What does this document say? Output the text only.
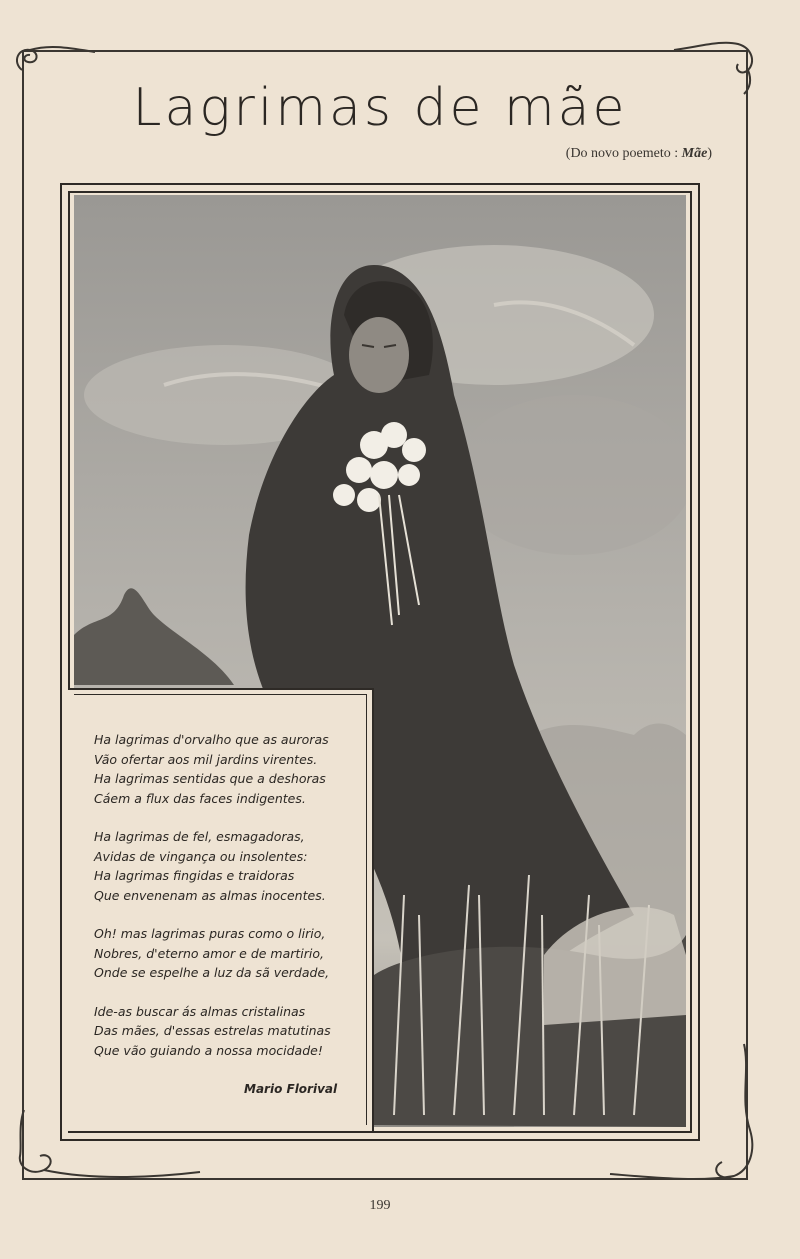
Lagrimas de mãe
(Do novo poemeto : Mãe)
Ha lagrimas d'orvalho que as auroras
Vão ofertar aos mil jardins virentes.
Ha lagrimas sentidas que a deshoras
Cáem a flux das faces indigentes.
Ha lagrimas de fel, esmagadoras,
Avidas de vingança ou insolentes:
Ha lagrimas fingidas e traidoras
Que envenenam as almas inocentes.
Oh! mas lagrimas puras como o lirio,
Nobres, d'eterno amor e de martirio,
Onde se espelhe a luz da sã verdade,
Ide-as buscar ás almas cristalinas
Das mães, d'essas estrelas matutinas
Que vão guiando a nossa mocidade!
Mario Florival
199
